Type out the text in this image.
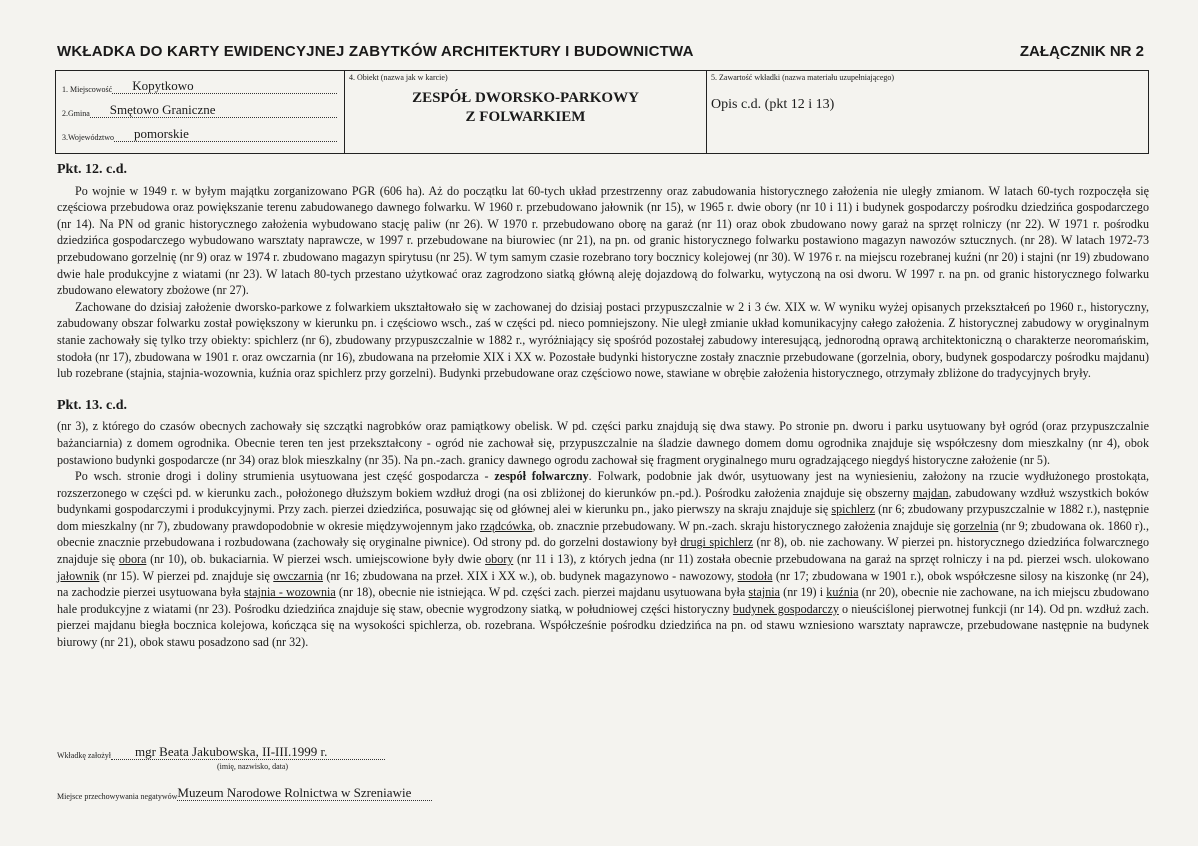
WKŁADKA DO KARTY EWIDENCYJNEJ ZABYTKÓW ARCHITEKTURY I BUDOWNICTWA	ZAŁĄCZNIK NR 2
1. Miejscowość	Kopytkowo
2.Gmina	Smętowo Graniczne
3.Województwo	pomorskie
4. Obiekt (nazwa jak w karcie)
ZESPÓŁ DWORSKO-PARKOWY
Z FOLWARKIEM
5. Zawartość wkładki (nazwa materiału uzupełniającego)
Opis c.d. (pkt 12 i 13)
Pkt. 12. c.d.

Po wojnie w 1949 r. w byłym majątku zorganizowano PGR (606 ha). Aż do początku lat 60-tych układ przestrzenny oraz zabudowania historycznego założenia nie uległy zmianom. W latach 60-tych rozpoczęła się częściowa przebudowa oraz powiększanie terenu zabudowanego dawnego folwarku. W 1960 r. przebudowano jałownik (nr 15), w 1965 r. dwie obory (nr 10 i 11) i budynek gospodarczy pośrodku dziedzińca gospodarczego (nr 14). Na PN od granic historycznego założenia wybudowano stację paliw (nr 26). W 1970 r. przebudowano oborę na garaż (nr 11) oraz obok zbudowano nowy garaż na sprzęt rolniczy (nr 22). W 1971 r. pośrodku dziedzińca gospodarczego wybudowano warsztaty naprawcze, w 1997 r. przebudowane na biurowiec (nr 21), na pn. od granic historycznego folwarku postawiono magazyn nawozów sztucznych. (nr 28). W latach 1972-73 przebudowano gorzelnię (nr 9) oraz w 1974 r. zbudowano magazyn spirytusu (nr 25). W tym samym czasie rozebrano tory bocznicy kolejowej (nr 30). W 1976 r. na miejscu rozebranej kuźni (nr 20) i stajni (nr 19) zbudowano dwie hale produkcyjne z wiatami (nr 23). W latach 80-tych przestano użytkować oraz zagrodzono siatką główną aleję dojazdową do folwarku, wytyczoną na osi dworu. W 1997 r. na pn. od granic historycznego folwarku zbudowano elewatory zbożowe (nr 27).

Zachowane do dzisiaj założenie dworsko-parkowe z folwarkiem ukształtowało się w zachowanej do dzisiaj postaci przypuszczalnie w 2 i 3 ćw. XIX w. W wyniku wyżej opisanych przekształceń po 1960 r., historyczny, zabudowany obszar folwarku został powiększony w kierunku pn. i częściowo wsch., zaś w części pd. nieco pomniejszony. Nie uległ zmianie układ komunikacyjny całego założenia. Z historycznej zabudowy w oryginalnym stanie zachowały się tylko trzy obiekty: spichlerz (nr 6), zbudowany przypuszczalnie w 1882 r., wyróżniający się spośród pozostałej zabudowy interesującą, jednorodną oprawą architektoniczną o charakterze neoromańskim, stodoła (nr 17), zbudowana w 1901 r. oraz owczarnia (nr 16), zbudowana na przełomie XIX i XX w. Pozostałe budynki historyczne zostały znacznie przebudowane (gorzelnia, obory, budynek gospodarczy pośrodku majdanu) lub rozebrane (stajnia, stajnia-wozownia, kuźnia oraz spichlerz przy gorzelni). Budynki przebudowane oraz częściowo nowe, stawiane w obrębie założenia historycznego, otrzymały zbliżone do tradycyjnych bryły.

Pkt. 13. c.d.

(nr 3), z którego do czasów obecnych zachowały się szczątki nagrobków oraz pamiątkowy obelisk. W pd. części parku znajdują się dwa stawy. Po stronie pn. dworu i parku usytuowany był ogród (oraz przypuszczalnie bażanciarnia) z domem ogrodnika. Obecnie teren ten jest przekształcony - ogród nie zachował się, przypuszczalnie na śladzie dawnego domem domu ogrodnika znajduje się współczesny dom mieszkalny (nr 4), obok postawiono budynki gospodarcze (nr 34) oraz blok mieszkalny (nr 35). Na pn.-zach. granicy dawnego ogrodu zachował się fragment oryginalnego muru ogradzającego niegdyś historyczne założenie (nr 5).

Po wsch. stronie drogi i doliny strumienia usytuowana jest część gospodarcza - zespół folwarczny. Folwark, podobnie jak dwór, usytuowany jest na wyniesieniu, założony na rzucie wydłużonego prostokąta, rozszerzonego w części pd. w kierunku zach., położonego dłuższym bokiem wzdłuż drogi (na osi zbliżonej do kierunków pn.-pd.). Pośrodku założenia znajduje się obszerny majdan, zabudowany wzdłuż wszystkich boków budynkami gospodarczymi i produkcyjnymi. Przy zach. pierzei dziedzińca, posuwając się od głównej alei w kierunku pn., jako pierwszy na skraju znajduje się spichlerz (nr 6; zbudowany przypuszczalnie w 1882 r.), następnie dom mieszkalny (nr 7), zbudowany prawdopodobnie w okresie międzywojennym jako rządcówka, ob. znacznie przebudowany. W pn.-zach. skraju historycznego założenia znajduje się gorzelnia (nr 9; zbudowana ok. 1860 r)., obecnie znacznie przebudowana i rozbudowana (zachowały się oryginalne piwnice). Od strony pd. do gorzelni dostawiony był drugi spichlerz (nr 8), ob. nie zachowany. W pierzei pn. historycznego dziedzińca folwarcznego znajduje się obora (nr 10), ob. bukaciarnia. W pierzei wsch. umiejscowione były dwie obory (nr 11 i 13), z których jedna (nr 11) została obecnie przebudowana na garaż na sprzęt rolniczy i na pd. pierzei wsch. ulokowano jałownik (nr 15). W pierzei pd. znajduje się owczarnia (nr 16; zbudowana na przeł. XIX i XX w.), ob. budynek magazynowo - nawozowy, stodoła (nr 17; zbudowana w 1901 r.), obok współczesne silosy na kiszonkę (nr 24), na zachodzie pierzei usytuowana była stajnia - wozownia (nr 18), obecnie nie istniejąca. W pd. części zach. pierzei majdanu usytuowana była stajnia (nr 19) i kuźnia (nr 20), obecnie nie zachowane, na ich miejscu zbudowano hale produkcyjne z wiatami (nr 23). Pośrodku dziedzińca znajduje się staw, obecnie wygrodzony siatką, w południowej części historyczny budynek gospodarczy o nieuściślonej pierwotnej funkcji (nr 14). Od pn. wzdłuż zach. pierzei majdanu biegła bocznica kolejowa, kończąca się na wysokości spichlerza, ob. rozebrana. Współcześnie pośrodku dziedzińca na pn. od stawu wzniesiono warsztaty naprawcze, przebudowane następnie na budynek biurowy (nr 21), obok stawu posadzono sad (nr 32).

Wkładkę założył	mgr Beata Jakubowska, II-III.1999 r.
(imię, nazwisko, data)
Miejsce przechowywania negatywów Muzeum Narodowe Rolnictwa w Szreniawie
